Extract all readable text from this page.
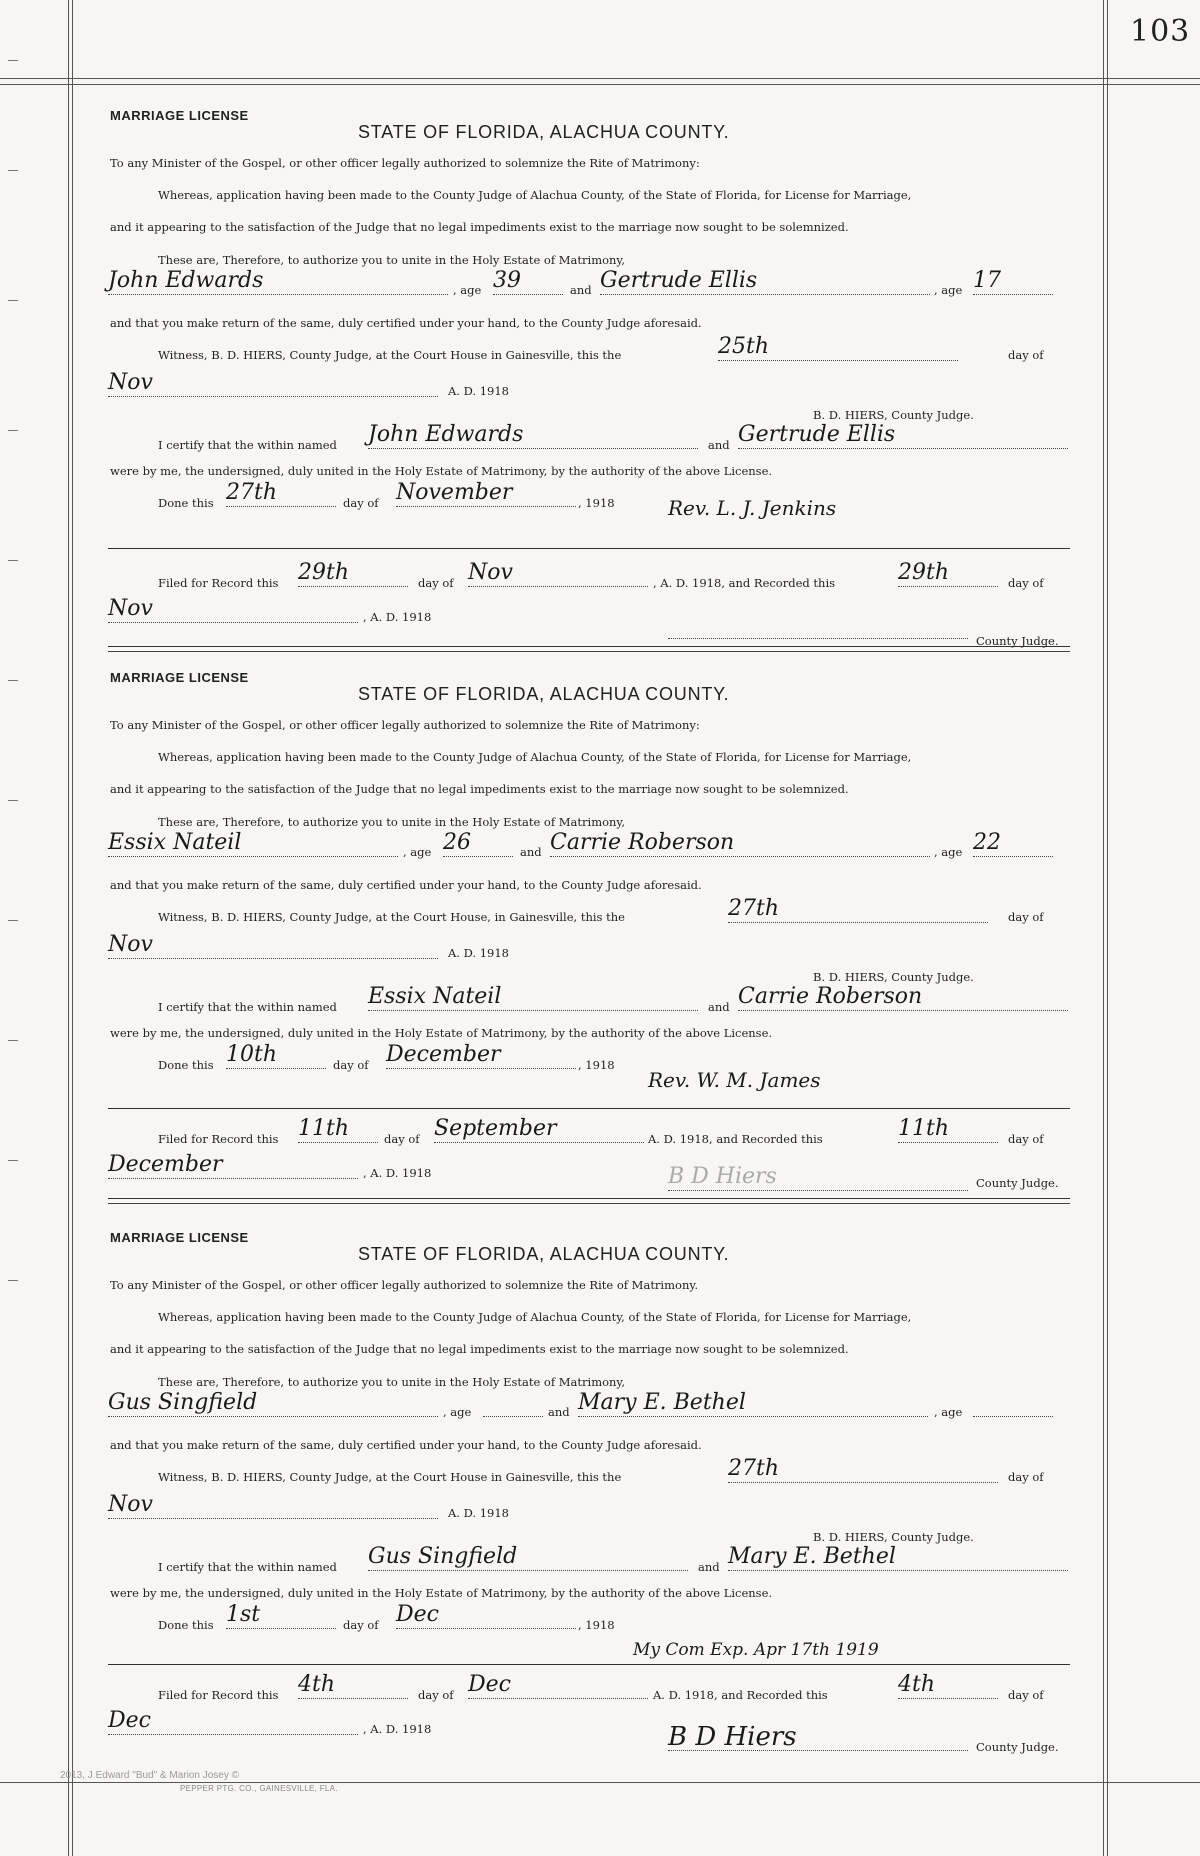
103
MARRIAGE LICENSE
STATE OF FLORIDA, ALACHUA COUNTY.
To any Minister of the Gospel, or other officer legally authorized to solemnize the Rite of Matrimony:
Whereas, application having been made to the County Judge of Alachua County, of the State of Florida, for License for Marriage,
and it appearing to the satisfaction of the Judge that no legal impediments exist to the marriage now sought to be solemnized.
These are, Therefore, to authorize you to unite in the Holy Estate of Matrimony,
John Edwards	, age 39	and Gertrude Ellis	, age 17
and that you make return of the same, duly certified under your hand, to the County Judge aforesaid.
Witness, B. D. HIERS, County Judge, at the Court House in Gainesville, this the	25th	day of
Nov	A. D. 1918
B. D. HIERS, County Judge.
I certify that the within named John Edwards	and Gertrude Ellis
were by me, the undersigned, duly united in the Holy Estate of Matrimony, by the authority of the above License.
Done this 27th	day of November	, 1918	Rev. L. J. Jenkins
Filed for Record this 29th	day of Nov	, A. D. 1918, and Recorded this	29th	day of
Nov	, A. D. 1918
County Judge.
MARRIAGE LICENSE
STATE OF FLORIDA, ALACHUA COUNTY.
To any Minister of the Gospel, or other officer legally authorized to solemnize the Rite of Matrimony:
Whereas, application having been made to the County Judge of Alachua County, of the State of Florida, for License for Marriage,
and it appearing to the satisfaction of the Judge that no legal impediments exist to the marriage now sought to be solemnized.
These are, Therefore, to authorize you to unite in the Holy Estate of Matrimony,
Essix Nateil	, age 26	and Carrie Roberson	, age 22
and that you make return of the same, duly certified under your hand, to the County Judge aforesaid.
Witness, B. D. HIERS, County Judge, at the Court House, in Gainesville, this the	27th	day of
Nov	A. D. 1918
B. D. HIERS, County Judge.
I certify that the within named Essix Nateil	and Carrie Roberson
were by me, the undersigned, duly united in the Holy Estate of Matrimony, by the authority of the above License.
Done this 10th	day of December	, 1918
Rev. W. M. James
Filed for Record this 11th	day of September	A. D. 1918, and Recorded this	11th	day of
December	, A. D. 1918	B D Hiers	County Judge.
MARRIAGE LICENSE
STATE OF FLORIDA, ALACHUA COUNTY.
To any Minister of the Gospel, or other officer legally authorized to solemnize the Rite of Matrimony.
Whereas, application having been made to the County Judge of Alachua County, of the State of Florida, for License for Marriage,
and it appearing to the satisfaction of the Judge that no legal impediments exist to the marriage now sought to be solemnized.
These are, Therefore, to authorize you to unite in the Holy Estate of Matrimony,
Gus Singfield	, age	and Mary E. Bethel	, age
and that you make return of the same, duly certified under your hand, to the County Judge aforesaid.
Witness, B. D. HIERS, County Judge, at the Court House in Gainesville, this the	27th	day of
Nov	A. D. 1918
B. D. HIERS, County Judge.
I certify that the within named Gus Singfield	and Mary E. Bethel
were by me, the undersigned, duly united in the Holy Estate of Matrimony, by the authority of the above License.
Done this 1st	day of Dec	, 1918
My Com Exp. Apr 17th 1919
Filed for Record this 4th	day of Dec	A. D. 1918, and Recorded this	4th	day of
Dec	, A. D. 1918	B D Hiers	County Judge.
2013, J Edward "Bud" & Marion Josey ©
PEPPER PTG. CO., GAINESVILLE, FLA.
